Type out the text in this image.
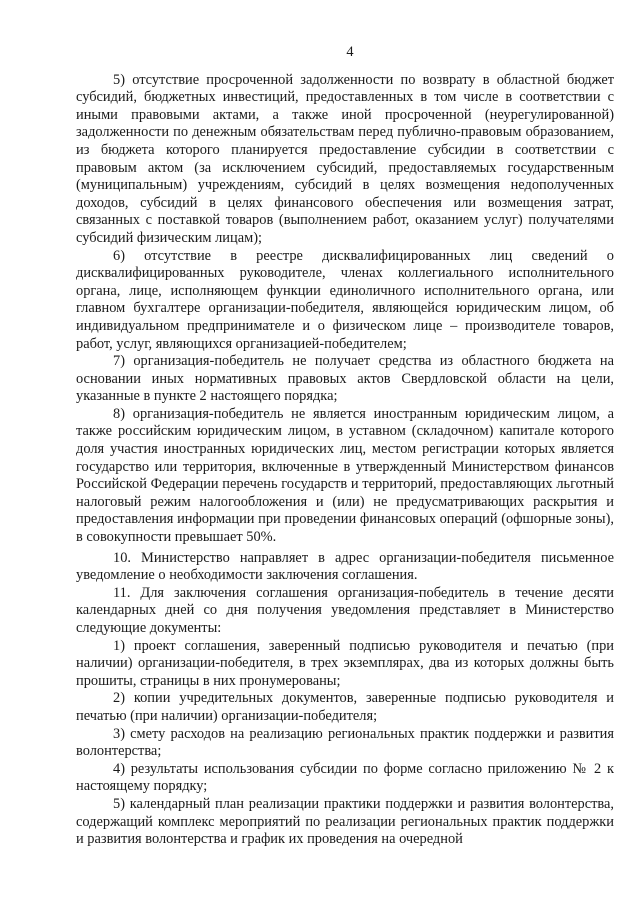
4

5) отсутствие просроченной задолженности по возврату в областной бюджет субсидий, бюджетных инвестиций, предоставленных в том числе в соответствии с иными правовыми актами, а также иной просроченной (неурегулированной) задолженности по денежным обязательствам перед публично-правовым образованием, из бюджета которого планируется предоставление субсидии в соответствии с правовым актом (за исключением субсидий, предоставляемых государственным (муниципальным) учреждениям, субсидий в целях возмещения недополученных доходов, субсидий в целях финансового обеспечения или возмещения затрат, связанных с поставкой товаров (выполнением работ, оказанием услуг) получателями субсидий физическим лицам);

6) отсутствие в реестре дисквалифицированных лиц сведений о дисквалифицированных руководителе, членах коллегиального исполнительного органа, лице, исполняющем функции единоличного исполнительного органа, или главном бухгалтере организации-победителя, являющейся юридическим лицом, об индивидуальном предпринимателе и о физическом лице – производителе товаров, работ, услуг, являющихся организацией-победителем;

7) организация-победитель не получает средства из областного бюджета на основании иных нормативных правовых актов Свердловской области на цели, указанные в пункте 2 настоящего порядка;

8) организация-победитель не является иностранным юридическим лицом, а также российским юридическим лицом, в уставном (складочном) капитале которого доля участия иностранных юридических лиц, местом регистрации которых является государство или территория, включенные в утвержденный Министерством финансов Российской Федерации перечень государств и территорий, предоставляющих льготный налоговый режим налогообложения и (или) не предусматривающих раскрытия и предоставления информации при проведении финансовых операций (офшорные зоны), в совокупности превышает 50%.

10. Министерство направляет в адрес организации-победителя письменное уведомление о необходимости заключения соглашения.

11. Для заключения соглашения организация-победитель в течение десяти календарных дней со дня получения уведомления представляет в Министерство следующие документы:

1) проект соглашения, заверенный подписью руководителя и печатью (при наличии) организации-победителя, в трех экземплярах, два из которых должны быть прошиты, страницы в них пронумерованы;

2) копии учредительных документов, заверенные подписью руководителя и печатью (при наличии) организации-победителя;

3) смету расходов на реализацию региональных практик поддержки и развития волонтерства;

4) результаты использования субсидии по форме согласно приложению № 2 к настоящему порядку;

5) календарный план реализации практики поддержки и развития волонтерства, содержащий комплекс мероприятий по реализации региональных практик поддержки и развития волонтерства и график их проведения на очередной
